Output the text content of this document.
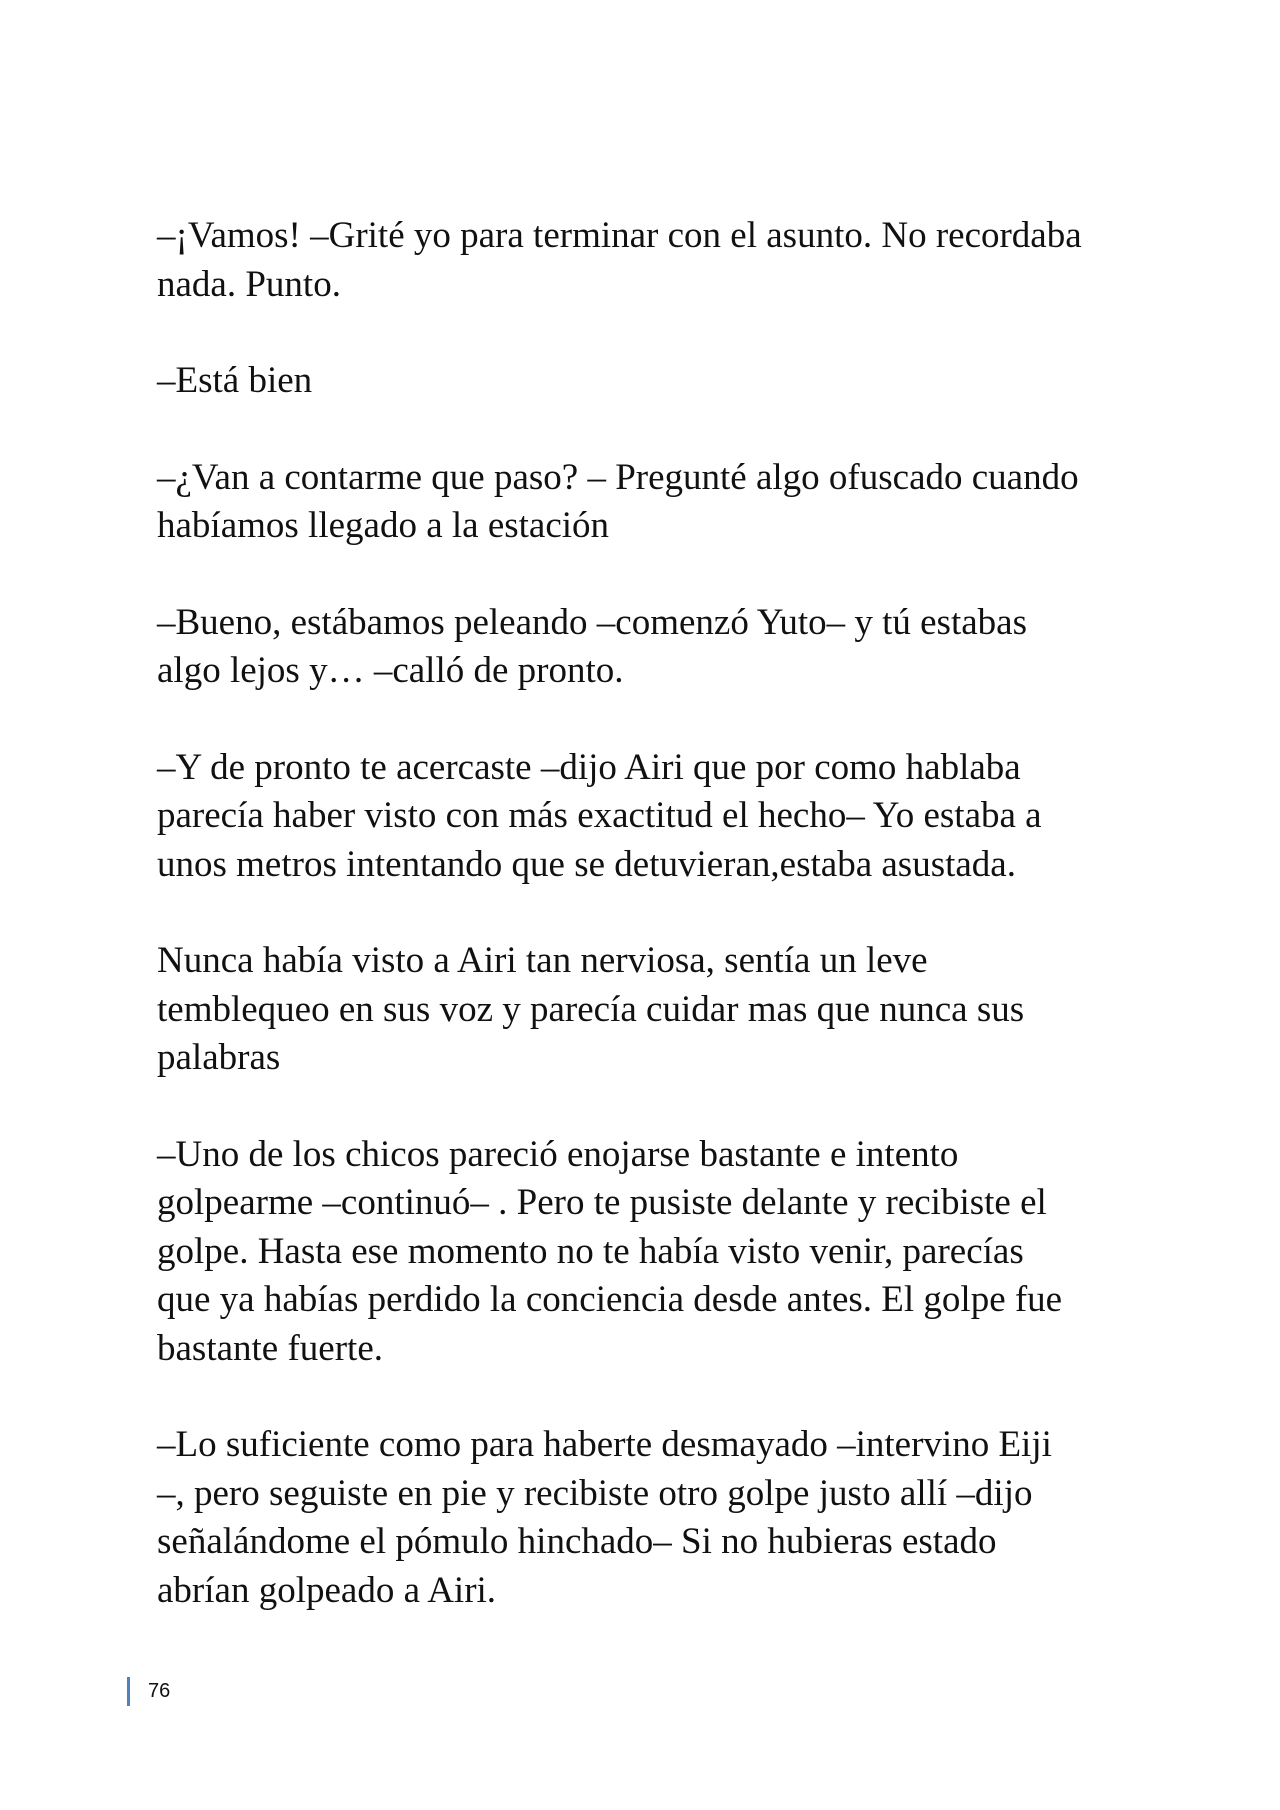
–¡Vamos! –Grité yo para terminar con el asunto. No recordaba
nada. Punto.

–Está bien

–¿Van a contarme que paso? – Pregunté algo ofuscado cuando
habíamos llegado a la estación

–Bueno, estábamos peleando –comenzó Yuto– y tú estabas
algo lejos y… –calló de pronto.

–Y de pronto te acercaste –dijo Airi que por como hablaba
parecía haber visto con más exactitud el hecho– Yo estaba a
unos metros intentando que se detuvieran,estaba asustada.

Nunca había visto a Airi tan nerviosa, sentía un leve
temblequeo en sus voz y parecía cuidar mas que nunca sus
palabras

–Uno de los chicos pareció enojarse bastante e intento
golpearme –continuó– . Pero te pusiste delante y recibiste el
golpe. Hasta ese momento no te había visto venir, parecías
que ya habías perdido la conciencia desde antes. El golpe fue
bastante fuerte.

–Lo suficiente como para haberte desmayado –intervino Eiji
–, pero seguiste en pie y recibiste otro golpe justo allí –dijo
señalándome el pómulo hinchado– Si no hubieras estado
abrían golpeado a Airi.

76
